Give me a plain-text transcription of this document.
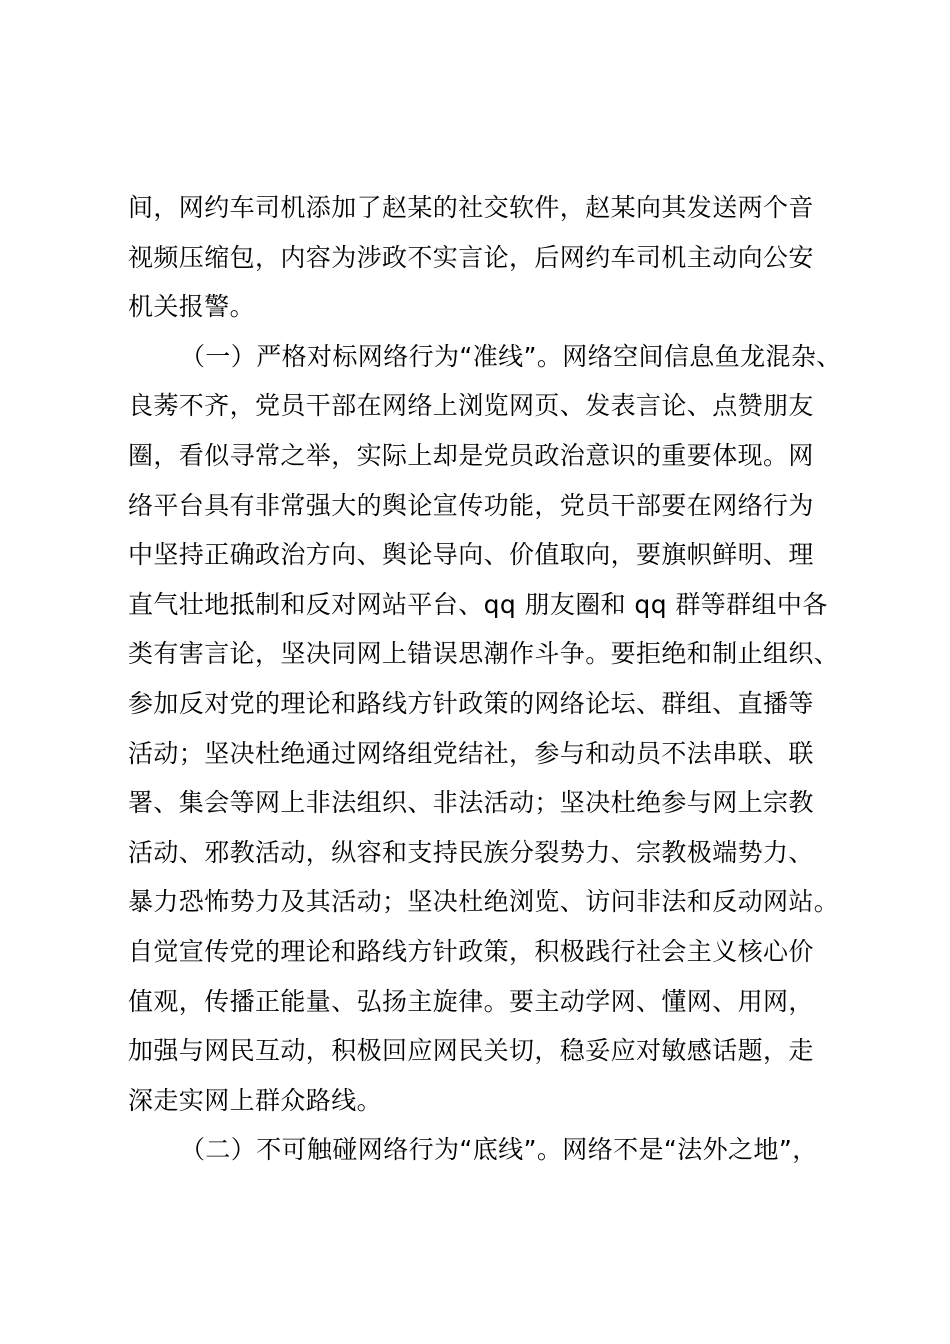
间，网约车司机添加了赵某的社交软件，赵某向其发送两个音
视频压缩包，内容为涉政不实言论，后网约车司机主动向公安
机关报警。
（一）严格对标网络行为“准线”。网络空间信息鱼龙混杂、
良莠不齐，党员干部在网络上浏览网页、发表言论、点赞朋友
圈，看似寻常之举，实际上却是党员政治意识的重要体现。网
络平台具有非常强大的舆论宣传功能，党员干部要在网络行为
中坚持正确政治方向、舆论导向、价值取向，要旗帜鲜明、理
直气壮地抵制和反对网站平台、qq 朋友圈和 qq 群等群组中各
类有害言论，坚决同网上错误思潮作斗争。要拒绝和制止组织、
参加反对党的理论和路线方针政策的网络论坛、群组、直播等
活动；坚决杜绝通过网络组党结社，参与和动员不法串联、联
署、集会等网上非法组织、非法活动；坚决杜绝参与网上宗教
活动、邪教活动，纵容和支持民族分裂势力、宗教极端势力、
暴力恐怖势力及其活动；坚决杜绝浏览、访问非法和反动网站。
自觉宣传党的理论和路线方针政策，积极践行社会主义核心价
值观，传播正能量、弘扬主旋律。要主动学网、懂网、用网，
加强与网民互动，积极回应网民关切，稳妥应对敏感话题，走
深走实网上群众路线。
（二）不可触碰网络行为“底线”。网络不是“法外之地”，
